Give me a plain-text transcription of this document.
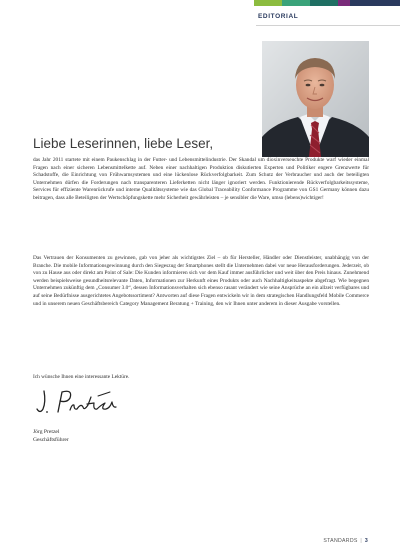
EDITORIAL
Liebe Leserinnen, liebe Leser,

das Jahr 2011 startete mit einem Paukenschlag in der Futter- und Lebensmittelindustrie. Der Skandal um dioxinverseuchte Produkte warf wieder einmal Fragen nach einer sicheren Lebensmittelkette auf. Neben einer nachhaltigen Produktion diskutierten Experten und Politiker engere Grenzwerte für Schadstoffe, die Einrichtung von Frühwarnsystemen und eine lückenlose Rückverfolgbarkeit. Zum Schutz der Verbraucher und auch der beteiligten Unternehmen dürfen die Forderungen nach transparenteren Lieferketten nicht länger ignoriert werden. Funktionierende Rückverfolgbarkeitssysteme, Services für effiziente Warenrückrufe und interne Qualitätssysteme wie das Global Traceability Conformance Programme von GS1 Germany können dazu beitragen, dass alle Beteiligten der Wertschöpfungskette mehr Sicherheit gewährleisten – je sensibler die Ware, umso (lebens)wichtiger!

Das Vertrauen der Konsumenten zu gewinnen, gab von jeher als wichtigstes Ziel – ob für Hersteller, Händler oder Dienstleister, unabhängig von der Branche. Die mobile Informationsgewinnung durch den Siegeszug der Smartphones stellt die Unternehmen dabei vor neue Herausforderungen. Jederzeit, ob von zu Hause aus oder direkt am Point of Sale: Die Kunden informieren sich vor dem Kauf immer ausführlicher und weit über den Preis hinaus. Zunehmend werden beispielsweise gesundheitsrelevante Daten, Informationen zur Herkunft eines Produkts oder auch Nachhaltigkeitsaspekte abgefragt. Wie begegnen Unternehmen zukünftig dem „Consumer 3.0“, dessen Informationsverhalten sich ebenso rasant verändert wie seine Ansprüche an ein allzeit verfügbares und auf seine Bedürfnisse ausgerichtetes Angebotssortiment? Antworten auf diese Fragen entwickeln wir in dem strategischen Handlungsfeld Mobile Commerce und in unserem neuen Geschäftsbereich Category Management Beratung + Training, den wir Ihnen unter anderem in dieser Ausgabe vorstellen.

Ich wünsche Ihnen eine interessante Lektüre.

Jörg Pretzel
Geschäftsführer
STANDARDS | 3
